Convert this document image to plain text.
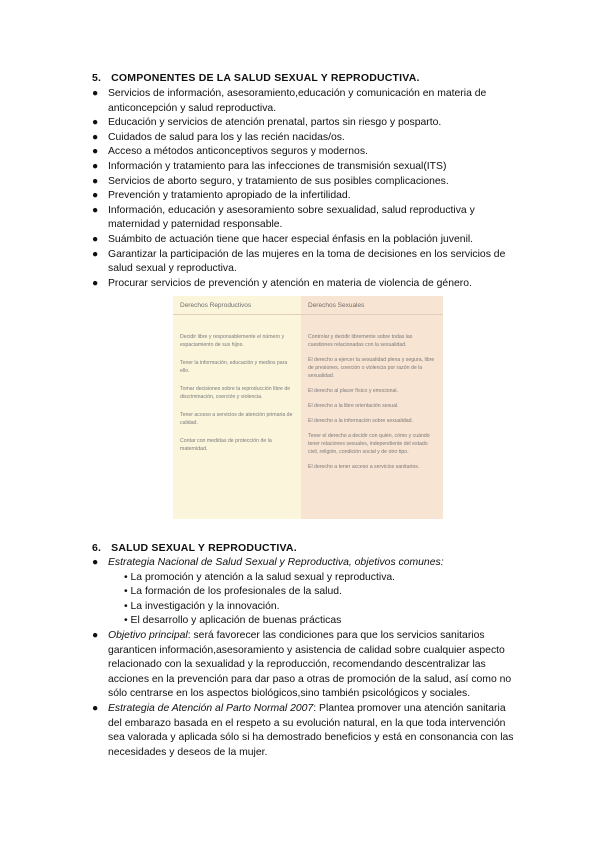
5. COMPONENTES DE LA SALUD SEXUAL Y REPRODUCTIVA.
● Servicios de información, asesoramiento,educación y comunicación en materia de anticoncepción y salud reproductiva.
● Educación y servicios de atención prenatal, partos sin riesgo y posparto.
● Cuidados de salud para los y las recién nacidas/os.
● Acceso a métodos anticonceptivos seguros y modernos.
● Información y tratamiento para las infecciones de transmisión sexual(ITS)
● Servicios de aborto seguro, y tratamiento de sus posibles complicaciones.
● Prevención y tratamiento apropiado de la infertilidad.
● Información, educación y asesoramiento sobre sexualidad, salud reproductiva y maternidad y paternidad responsable.
● Suámbito de actuación tiene que hacer especial énfasis en la población juvenil.
● Garantizar la participación de las mujeres en la toma de decisiones en los servicios de salud sexual y reproductiva.
● Procurar servicios de prevención y atención en materia de violencia de género.
Derechos Reproductivos
Decidir libre y responsablemente el número y espaciamiento de sus hijos.
Tener la información, educación y medios para ello.
Tomar decisiones sobre la reproducción libre de discriminación, coerción y violencia.
Tener acceso a servicios de atención primaria de calidad.
Contar con medidas de protección de la maternidad.
Derechos Sexuales
Controlar y decidir libremente sobre todas las cuestiones relacionadas con la sexualidad.
El derecho a ejercer la sexualidad plena y segura, libre de presiones, coerción o violencia por razón de la sexualidad.
El derecho al placer físico y emocional.
El derecho a la libre orientación sexual.
El derecho a la información sobre sexualidad.
Tener el derecho a decidir con quién, cómo y cuándo tener relaciones sexuales, independiente del estado civil, religión, condición social y de otro tipo.
El derecho a tener acceso a servicios sanitarios.
6. SALUD SEXUAL Y REPRODUCTIVA.
● Estrategia Nacional de Salud Sexual y Reproductiva, objetivos comunes:
• La promoción y atención a la salud sexual y reproductiva.
• La formación de los profesionales de la salud.
• La investigación y la innovación.
• El desarrollo y aplicación de buenas prácticas
● Objetivo principal: será favorecer las condiciones para que los servicios sanitarios garanticen información,asesoramiento y asistencia de calidad sobre cualquier aspecto relacionado con la sexualidad y la reproducción, recomendando descentralizar las acciones en la prevención para dar paso a otras de promoción de la salud, así como no sólo centrarse en los aspectos biológicos,sino también psicológicos y sociales.
● Estrategia de Atención al Parto Normal 2007: Plantea promover una atención sanitaria del embarazo basada en el respeto a su evolución natural, en la que toda intervención sea valorada y aplicada sólo si ha demostrado beneficios y está en consonancia con las necesidades y deseos de la mujer.
